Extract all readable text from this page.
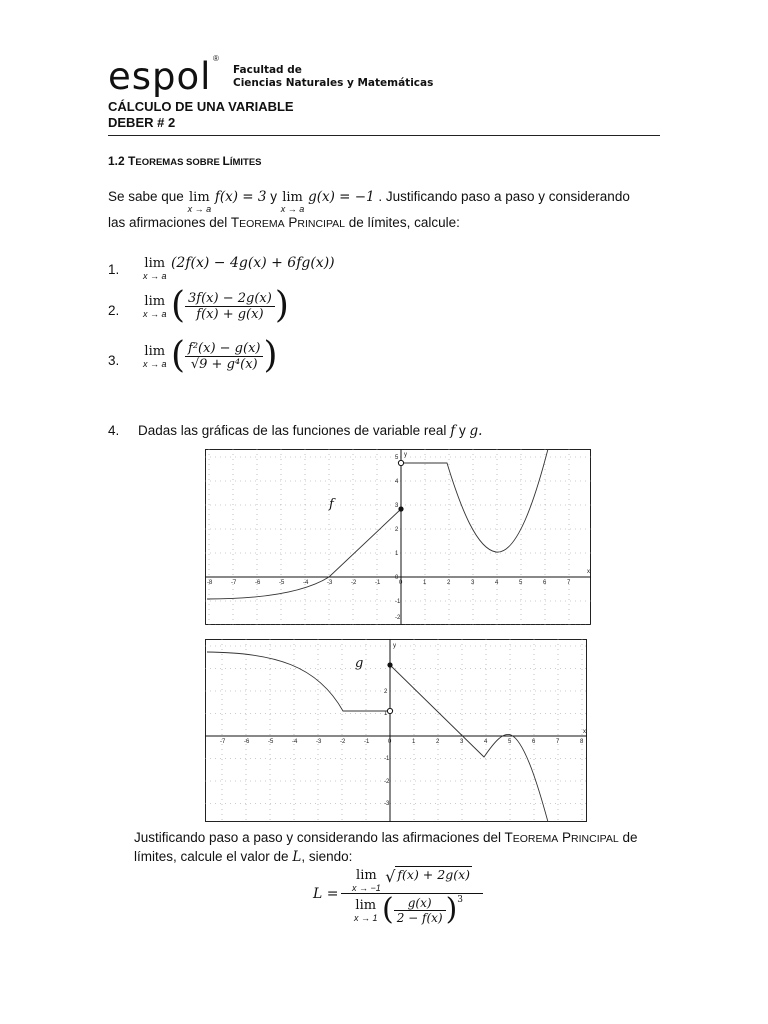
espol ®
Facultad de
Ciencias Naturales y Matemáticas
CÁLCULO DE UNA VARIABLE
DEBER # 2
1.2 TEOREMAS SOBRE LÍMITES
Se sabe que lim
x → a
f(x) = 3 y lim
x → a
g(x) = −1 . Justificando paso a paso y considerando
las afirmaciones del TEOREMA PRINCIPAL de límites, calcule:
1. lim
x → a
(2f(x) − 4g(x) + 6fg(x))
2.
lim
x → a ( $\frac{3f(x) - 2g(x)}{f(x) + g(x)}$ )
3.
lim
x → a ( $\frac{\text{f²(x) − g(x)}}{\text{√9 + g⁴(x)}}$ )
4. Dadas las gráficas de las funciones de variable real f y g.
-8	-7	-6	-5	-4	-3	-2	-1	0	1	2	3	4	5	6	7
5
4
3
2
1
0
-1
-2
x
y
f
-7	-6	-5	-4	-3	-2	-1	0	1	2	3	4	5	6	7	8
2
1
-1
-2
-3
x
y
g
Justificando paso a paso y considerando las afirmaciones del TEOREMA PRINCIPAL de
límites, calcule el valor de L, siendo:
L =
lim
x → −1
√ $^{f(x) + 2g(x)}$
lim
x → 1 ( $\frac{g(x)}{2 - f(x)} )^3$
